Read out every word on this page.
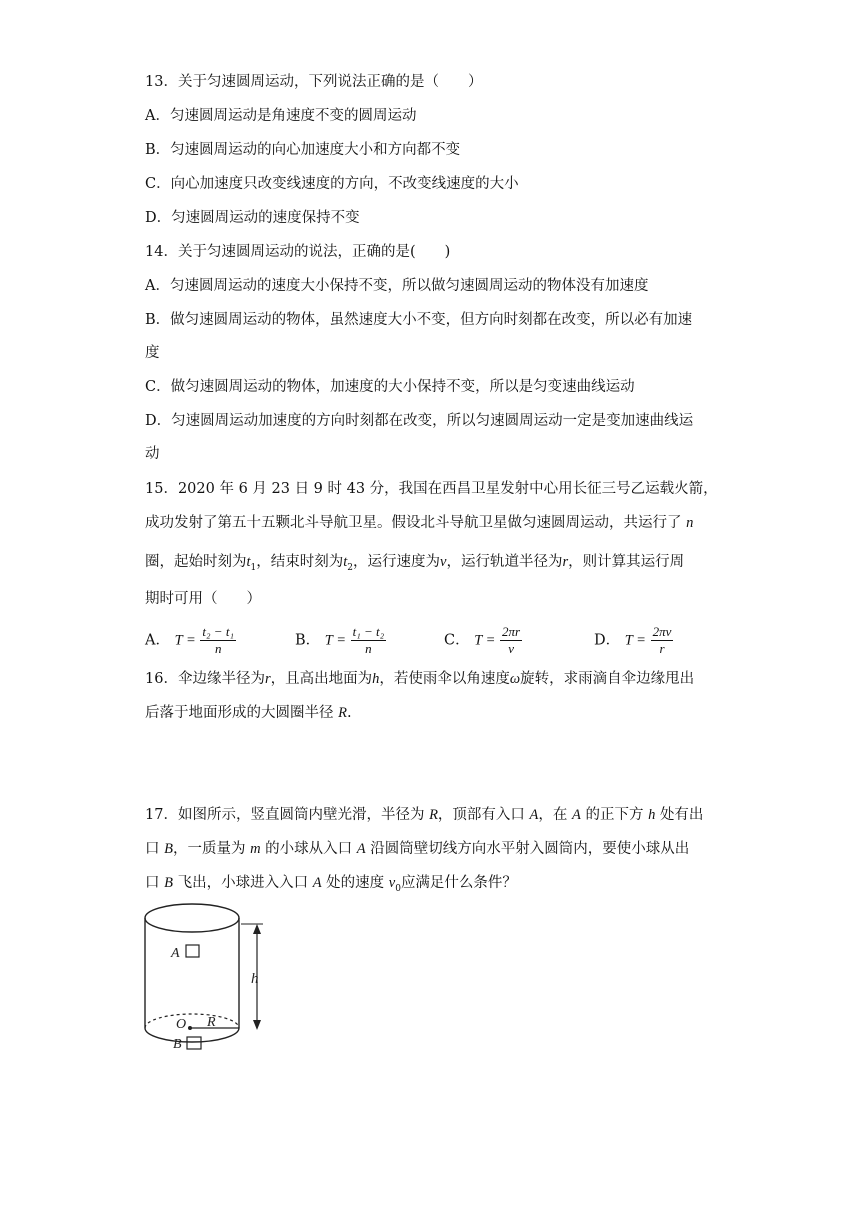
13．关于匀速圆周运动，下列说法正确的是（　　）
A．匀速圆周运动是角速度不变的圆周运动
B．匀速圆周运动的向心加速度大小和方向都不变
C．向心加速度只改变线速度的方向，不改变线速度的大小
D．匀速圆周运动的速度保持不变
14．关于匀速圆周运动的说法，正确的是(　　)
A．匀速圆周运动的速度大小保持不变，所以做匀速圆周运动的物体没有加速度
B．做匀速圆周运动的物体，虽然速度大小不变，但方向时刻都在改变，所以必有加速
度
C．做匀速圆周运动的物体，加速度的大小保持不变，所以是匀变速曲线运动
D．匀速圆周运动加速度的方向时刻都在改变，所以匀速圆周运动一定是变加速曲线运
动
15．2020 年 6 月 23 日 9 时 43 分，我国在西昌卫星发射中心用长征三号乙运载火箭，
成功发射了第五十五颗北斗导航卫星。假设北斗导航卫星做匀速圆周运动，共运行了 n
圈，起始时刻为$t_1$，结束时刻为$t_2$，运行速度为v，运行轨道半径为r，则计算其运行周
期时可用（　　）
A． $T = \frac{\text{t₂ − t₁}}{n}$	B． $T = \frac{\text{t₁ − t₂}}{n}$	C． $T = \frac{2\pi r}{v}$	D． $T = \frac{2\pi v}{r}$
16．伞边缘半径为r，且高出地面为h，若使雨伞以角速度ω旋转，求雨滴自伞边缘甩出
后落于地面形成的大圆圈半径 R.
17．如图所示，竖直圆筒内壁光滑，半径为 R，顶部有入口 A，在 A 的正下方 h 处有出
口 B，一质量为 m 的小球从入口 A 沿圆筒壁切线方向水平射入圆筒内，要使小球从出
口 B 飞出，小球进入入口 A 处的速度 $v_0$应满足什么条件？
A
B
O R
h
